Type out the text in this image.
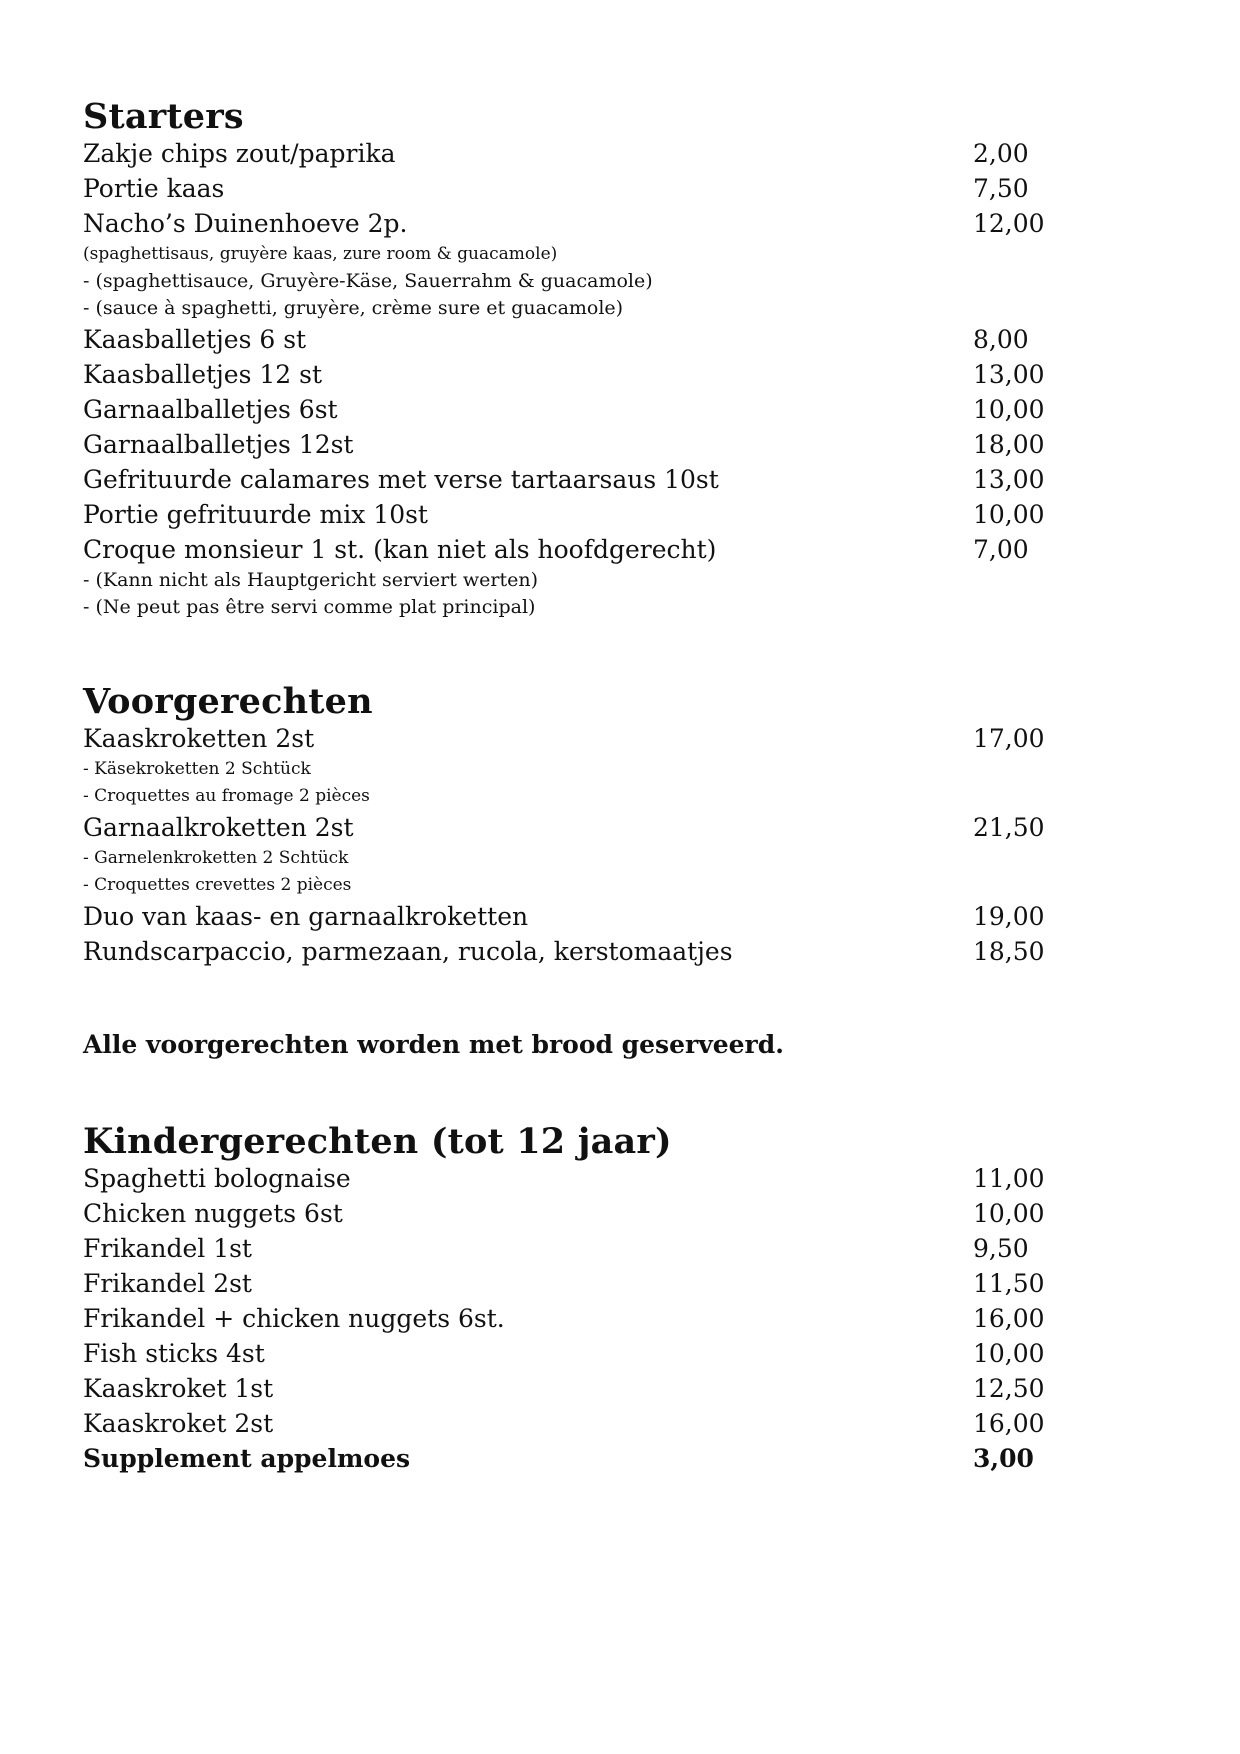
Starters
Zakje chips zout/paprika	2,00
Portie kaas	7,50
Nacho’s Duinenhoeve 2p.	12,00
(spaghettisaus, gruyère kaas, zure room & guacamole)
- (spaghettisauce, Gruyère-Käse, Sauerrahm & guacamole)
- (sauce à spaghetti, gruyère, crème sure et guacamole)
Kaasballetjes 6 st	8,00
Kaasballetjes 12 st	13,00
Garnaalballetjes 6st	10,00
Garnaalballetjes 12st	18,00
Gefrituurde calamares met verse tartaarsaus 10st	13,00
Portie gefrituurde mix 10st	10,00
Croque monsieur 1 st. (kan niet als hoofdgerecht)	7,00
- (Kann nicht als Hauptgericht serviert werten)
- (Ne peut pas être servi comme plat principal)
Voorgerechten
Kaaskroketten 2st	17,00
- Käsekroketten 2 Schtück
- Croquettes au fromage 2 pièces
Garnaalkroketten 2st	21,50
- Garnelenkroketten 2 Schtück
- Croquettes crevettes 2 pièces
Duo van kaas- en garnaalkroketten	19,00
Rundscarpaccio, parmezaan, rucola, kerstomaatjes	18,50
Alle voorgerechten worden met brood geserveerd.
Kindergerechten (tot 12 jaar)
Spaghetti bolognaise	11,00
Chicken nuggets 6st	10,00
Frikandel 1st	9,50
Frikandel 2st	11,50
Frikandel + chicken nuggets 6st.	16,00
Fish sticks 4st	10,00
Kaaskroket 1st	12,50
Kaaskroket 2st	16,00
Supplement appelmoes	3,00
